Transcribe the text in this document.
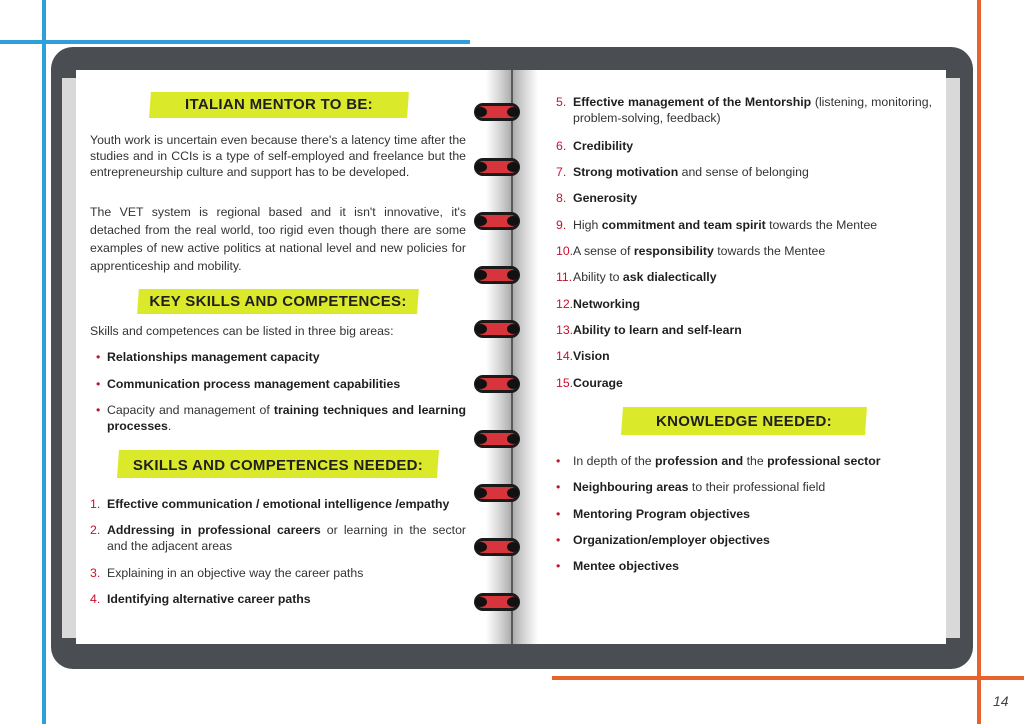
ITALIAN MENTOR TO BE:
Youth work is uncertain even because there's a latency time after the studies and in CCIs is a type of self-employed and freelance but the entrepreneurship culture and support has to be developed.
The VET system is regional based and it isn't innovative, it's detached from the real world, too rigid even though there are some examples of new active politics at national level and new policies for apprenticeship and mobility.
KEY SKILLS AND COMPETENCES:
Skills and competences can be listed in three big areas:
• Relationships management capacity
• Communication process management capabilities
• Capacity and management of training techniques and learning processes.
SKILLS AND COMPETENCES NEEDED:
1. Effective communication / emotional intelligence /empathy
2. Addressing in professional careers or learning in the sector and the adjacent areas
3. Explaining in an objective way the career paths
4. Identifying alternative career paths
5. Effective management of the Mentorship (listening, monitoring, problem-solving, feedback)
6. Credibility
7. Strong motivation and sense of belonging
8. Generosity
9. High commitment and team spirit towards the Mentee
10. A sense of responsibility towards the Mentee
11. Ability to ask dialectically
12. Networking
13. Ability to learn and self-learn
14. Vision
15. Courage
KNOWLEDGE NEEDED:
• In depth of the profession and the professional sector
• Neighbouring areas to their professional field
• Mentoring Program objectives
• Organization/employer objectives
• Mentee objectives
14
